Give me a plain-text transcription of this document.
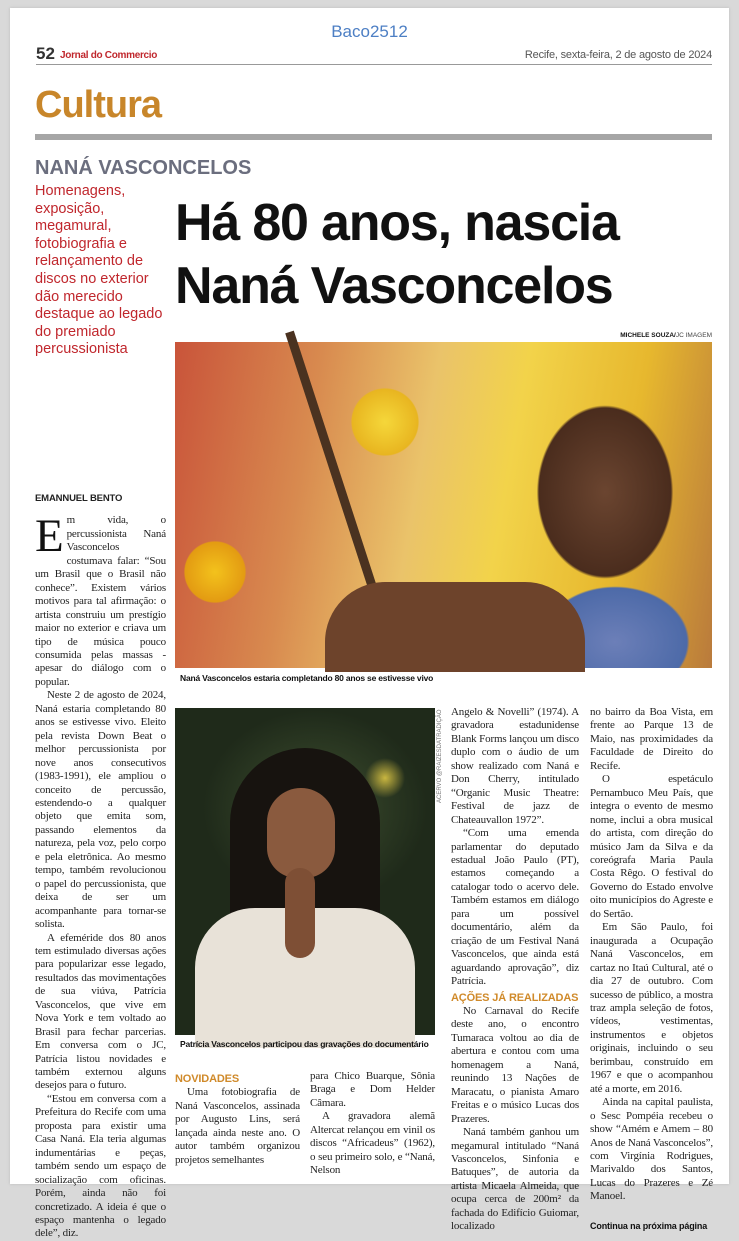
Baco2512
52 Jornal do Commercio	Recife, sexta-feira, 2 de agosto de 2024
Cultura
NANÁ VASCONCELOS
Homenagens, exposição, megamural, fotobiografia e relançamento de discos no exterior dão merecido destaque ao legado do premiado percussionista
Há 80 anos, nascia Naná Vasconcelos
MICHELE SOUZA/JC IMAGEM
Naná Vasconcelos estaria completando 80 anos se estivesse vivo
ACERVO @RAIZESDATRADIÇÃO
Patrícia Vasconcelos participou das gravações do documentário
EMANNUEL BENTO

Em vida, o percussionista Naná Vasconcelos costumava falar: “Sou um Brasil que o Brasil não conhece”. Existem vários motivos para tal afirmação: o artista construiu um prestígio maior no exterior e criava um tipo de música pouco consumida pelas massas - apesar do diálogo com o popular.

Neste 2 de agosto de 2024, Naná estaria completando 80 anos se estivesse vivo. Eleito pela revista Down Beat o melhor percussionista por nove anos consecutivos (1983-1991), ele ampliou o conceito de percussão, estendendo-o a qualquer objeto que emita som, passando elementos da natureza, pela voz, pelo corpo e pela eletrônica. Ao mesmo tempo, também revolucionou o papel do percussionista, que deixa de ser um acompanhante para tornar-se solista.

A efeméride dos 80 anos tem estimulado diversas ações para popularizar esse legado, resultados das movimentações de sua viúva, Patrícia Vasconcelos, que vive em Nova York e tem voltado ao Brasil para fechar parcerias. Em conversa com o JC, Patrícia listou novidades e também externou alguns desejos para o futuro.

“Estou em conversa com a Prefeitura do Recife com uma proposta para existir uma Casa Naná. Ela teria algumas indumentárias e peças, também sendo um espaço de socialização com oficinas. Porém, ainda não foi concretizado. A ideia é que o espaço mantenha o legado dele”, diz.

NOVIDADES

Uma fotobiografia de Naná Vasconcelos, assinada por Augusto Lins, será lançada ainda neste ano. O autor também organizou projetos semelhantes

para Chico Buarque, Sônia Braga e Dom Helder Câmara.

A gravadora alemã Altercat relançou em vinil os discos “Africadeus” (1962), o seu primeiro solo, e “Naná, Nelson

Angelo & Novelli” (1974). A gravadora estadunidense Blank Forms lançou um disco duplo com o áudio de um show realizado com Naná e Don Cherry, intitulado “Organic Music Theatre: Festival de jazz de Chateauvallon 1972”.

“Com uma emenda parlamentar do deputado estadual João Paulo (PT), estamos começando a catalogar todo o acervo dele. Também estamos em diálogo para um possível documentário, além da criação de um Festival Naná Vasconcelos, que ainda está aguardando aprovação”, diz Patrícia.

AÇÕES JÁ REALIZADAS

No Carnaval do Recife deste ano, o encontro Tumaraca voltou ao dia de abertura e contou com uma homenagem a Naná, reunindo 13 Nações de Maracatu, o pianista Amaro Freitas e o músico Lucas dos Prazeres.

Naná também ganhou um megamural intitulado “Naná Vasconcelos, Sinfonia e Batuques”, de autoria da artista Micaela Almeida, que ocupa cerca de 200m² da fachada do Edifício Guiomar, localizado

no bairro da Boa Vista, em frente ao Parque 13 de Maio, nas proximidades da Faculdade de Direito do Recife.

O espetáculo Pernambuco Meu País, que integra o evento de mesmo nome, inclui a obra musical do artista, com direção do músico Jam da Silva e da coreógrafa Maria Paula Costa Rêgo. O festival do Governo do Estado envolve oito municípios do Agreste e do Sertão.

Em São Paulo, foi inaugurada a Ocupação Naná Vasconcelos, em cartaz no Itaú Cultural, até o dia 27 de outubro. Com sucesso de público, a mostra traz ampla seleção de fotos, vídeos, vestimentas, instrumentos e objetos originais, incluindo o seu berimbau, construído em 1967 e que o acompanhou até a morte, em 2016.

Ainda na capital paulista, o Sesc Pompéia recebeu o show “Amém e Amem – 80 Anos de Naná Vasconcelos”, com Virgínia Rodrigues, Marivaldo dos Santos, Lucas do Prazeres e Zé Manoel.

Continua na próxima página
